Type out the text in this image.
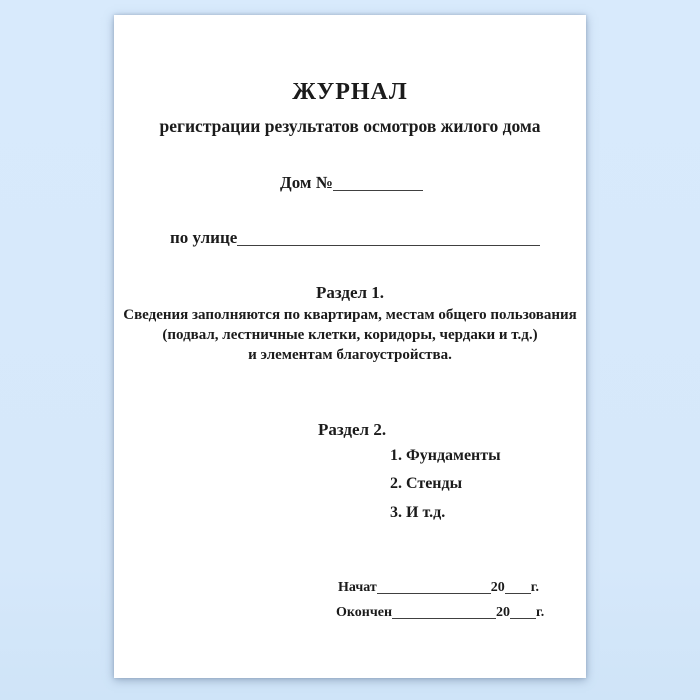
ЖУРНАЛ
регистрации результатов осмотров жилого дома
Дом №
по улице
Раздел 1.
Сведения заполняются по квартирам, местам общего пользования
(подвал, лестничные клетки, коридоры, чердаки и т.д.)
и элементам благоустройства.
Раздел 2.
1. Фундаменты
2. Стенды
3. И т.д.
Начат	20 г.
Окончен	20 г.
